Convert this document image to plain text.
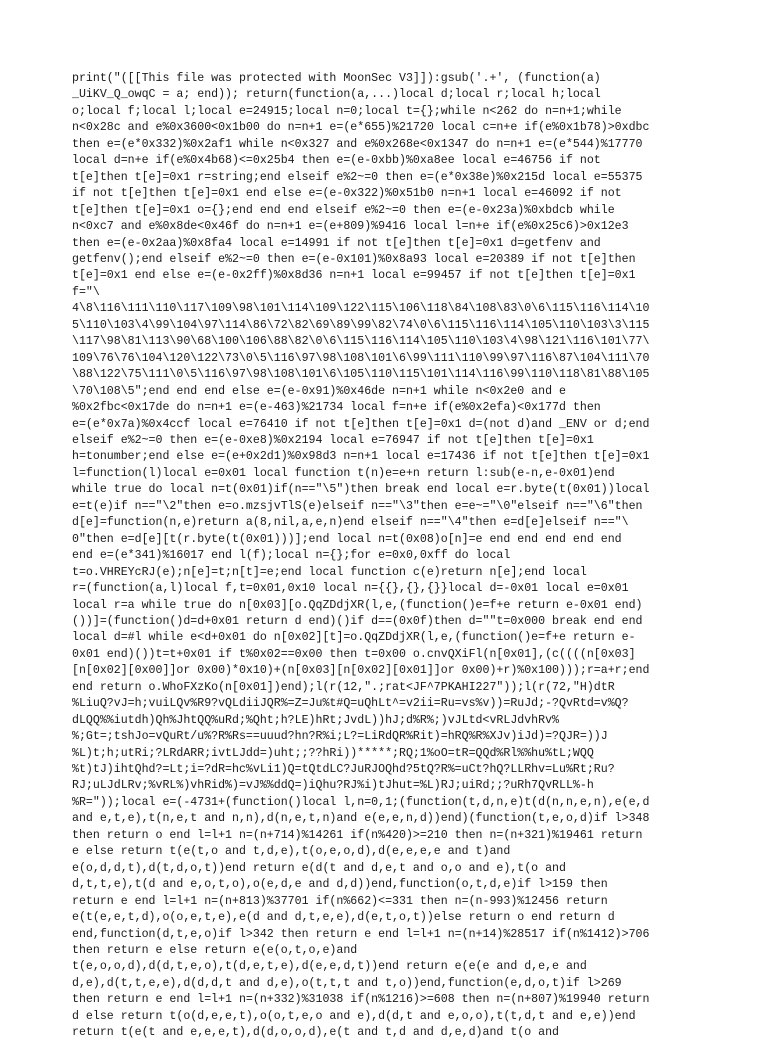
print("([[This file was protected with MoonSec V3]]):gsub('.+', (function(a)
_UiKV_Q_owqC = a; end)); return(function(a,...)local d;local r;local h;local
o;local f;local l;local e=24915;local n=0;local t={};while n<262 do n=n+1;while
n<0x28c and e%0x3600<0x1b00 do n=n+1 e=(e*655)%21720 local c=n+e if(e%0x1b78)>0xdbc
then e=(e*0x332)%0x2af1 while n<0x327 and e%0x268e<0x1347 do n=n+1 e=(e*544)%17770
local d=n+e if(e%0x4b68)<=0x25b4 then e=(e-0xbb)%0xa8ee local e=46756 if not
t[e]then t[e]=0x1 r=string;end elseif e%2~=0 then e=(e*0x38e)%0x215d local e=55375
if not t[e]then t[e]=0x1 end else e=(e-0x322)%0x51b0 n=n+1 local e=46092 if not
t[e]then t[e]=0x1 o={};end end end elseif e%2~=0 then e=(e-0x23a)%0xbdcb while
n<0xc7 and e%0x8de<0x46f do n=n+1 e=(e+809)%9416 local l=n+e if(e%0x25c6)>0x12e3
then e=(e-0x2aa)%0x8fa4 local e=14991 if not t[e]then t[e]=0x1 d=getfenv and
getfenv();end elseif e%2~=0 then e=(e-0x101)%0x8a93 local e=20389 if not t[e]then
t[e]=0x1 end else e=(e-0x2ff)%0x8d36 n=n+1 local e=99457 if not t[e]then t[e]=0x1
f="\
4\8\116\111\110\117\109\98\101\114\109\122\115\106\118\84\108\83\0\6\115\116\114\10
5\110\103\4\99\104\97\114\86\72\82\69\89\99\82\74\0\6\115\116\114\105\110\103\3\115
\117\98\81\113\90\68\100\106\88\82\0\6\115\116\114\105\110\103\4\98\121\116\101\77\
109\76\76\104\120\122\73\0\5\116\97\98\108\101\6\99\111\110\99\97\116\87\104\111\70
\88\122\75\111\0\5\116\97\98\108\101\6\105\110\115\101\114\116\99\110\118\81\88\105
\70\108\5";end end end else e=(e-0x91)%0x46de n=n+1 while n<0x2e0 and e
%0x2fbc<0x17de do n=n+1 e=(e-463)%21734 local f=n+e if(e%0x2efa)<0x177d then
e=(e*0x7a)%0x4ccf local e=76410 if not t[e]then t[e]=0x1 d=(not d)and _ENV or d;end
elseif e%2~=0 then e=(e-0xe8)%0x2194 local e=76947 if not t[e]then t[e]=0x1
h=tonumber;end else e=(e+0x2d1)%0x98d3 n=n+1 local e=17436 if not t[e]then t[e]=0x1
l=function(l)local e=0x01 local function t(n)e=e+n return l:sub(e-n,e-0x01)end
while true do local n=t(0x01)if(n=="\5")then break end local e=r.byte(t(0x01))local
e=t(e)if n=="\2"then e=o.mzsjvTlS(e)elseif n=="\3"then e=e~="\0"elseif n=="\6"then
d[e]=function(n,e)return a(8,nil,a,e,n)end elseif n=="\4"then e=d[e]elseif n=="\
0"then e=d[e][t(r.byte(t(0x01)))];end local n=t(0x08)o[n]=e end end end end end
end e=(e*341)%16017 end l(f);local n={};for e=0x0,0xff do local
t=o.VHREYcRJ(e);n[e]=t;n[t]=e;end local function c(e)return n[e];end local
r=(function(a,l)local f,t=0x01,0x10 local n={{},{},{}}local d=-0x01 local e=0x01
local r=a while true do n[0x03][o.QqZDdjXR(l,e,(function()e=f+e return e-0x01 end)
())]=(function()d=d+0x01 return d end)()if d==(0x0f)then d=""t=0x000 break end end
local d=#l while e<d+0x01 do n[0x02][t]=o.QqZDdjXR(l,e,(function()e=f+e return e-
0x01 end)())t=t+0x01 if t%0x02==0x00 then t=0x00 o.cnvQXiFl(n[0x01],(c((((n[0x03]
[n[0x02][0x00]]or 0x00)*0x10)+(n[0x03][n[0x02][0x01]]or 0x00)+r)%0x100)));r=a+r;end
end return o.WhoFXzKo(n[0x01])end);l(r(12,".;rat<JF^7PKAHI227"));l(r(72,"H)dtR
%LiuQ?vJ=h;vuiLQv%R9?vQLdiiJQR%=Z=Ju%t#Q=uQhLt^=v2ii=Ru=vs%v))=RuJd;-?QvRtd=v%Q?
dLQQ%%iutdh)Qh%JhtQQ%uRd;%Qht;h?LE)hRt;JvdL))hJ;d%R%;)vJLtd<vRLJdvhRv%
%;Gt=;tshJo=vQuRt/u%?R%Rs==uuud?hn?R%i;L?=LiRdQR%Rit)=hRQ%R%XJv)iJd)=?QJR=))J
%L)t;h;utRi;?LRdARR;ivtLJdd=)uht;;??hRi))*****;RQ;1%oO=tR=QQd%Rl%%hu%tL;WQQ
%t)tJ)ihtQhd?=Lt;i=?dR=hc%vLi1)Q=tQtdLC?JuRJOQhd?5tQ?R%=uCt?hQ?LLRhv=Lu%Rt;Ru?
RJ;uLJdLRv;%vRL%)vhRid%)=vJ%%ddQ=)iQhu?RJ%i)tJhut=%L)RJ;uiRd;;?uRh7QvRLL%-h
%R="));local e=(-4731+(function()local l,n=0,1;(function(t,d,n,e)t(d(n,n,e,n),e(e,d
and e,t,e),t(n,e,t and n,n),d(n,e,t,n)and e(e,e,n,d))end)(function(t,e,o,d)if l>348
then return o end l=l+1 n=(n+714)%14261 if(n%420)>=210 then n=(n+321)%19461 return
e else return t(e(t,o and t,d,e),t(o,e,o,d),d(e,e,e,e and t)and
e(o,d,d,t),d(t,d,o,t))end return e(d(t and d,e,t and o,o and e),t(o and
d,t,t,e),t(d and e,o,t,o),o(e,d,e and d,d))end,function(o,t,d,e)if l>159 then
return e end l=l+1 n=(n+813)%37701 if(n%662)<=331 then n=(n-993)%12456 return
e(t(e,e,t,d),o(o,e,t,e),e(d and d,t,e,e),d(e,t,o,t))else return o end return d
end,function(d,t,e,o)if l>342 then return e end l=l+1 n=(n+14)%28517 if(n%1412)>706
then return e else return e(e(o,t,o,e)and
t(e,o,o,d),d(d,t,e,o),t(d,e,t,e),d(e,e,d,t))end return e(e(e and d,e,e and
d,e),d(t,t,e,e),d(d,d,t and d,e),o(t,t,t and t,o))end,function(e,d,o,t)if l>269
then return e end l=l+1 n=(n+332)%31038 if(n%1216)>=608 then n=(n+807)%19940 return
d else return t(o(d,e,e,t),o(o,t,e,o and e),d(d,t and e,o,o),t(t,d,t and e,e))end
return t(e(t and e,e,e,t),d(d,o,o,d),e(t and t,d and d,e,d)and t(o and
